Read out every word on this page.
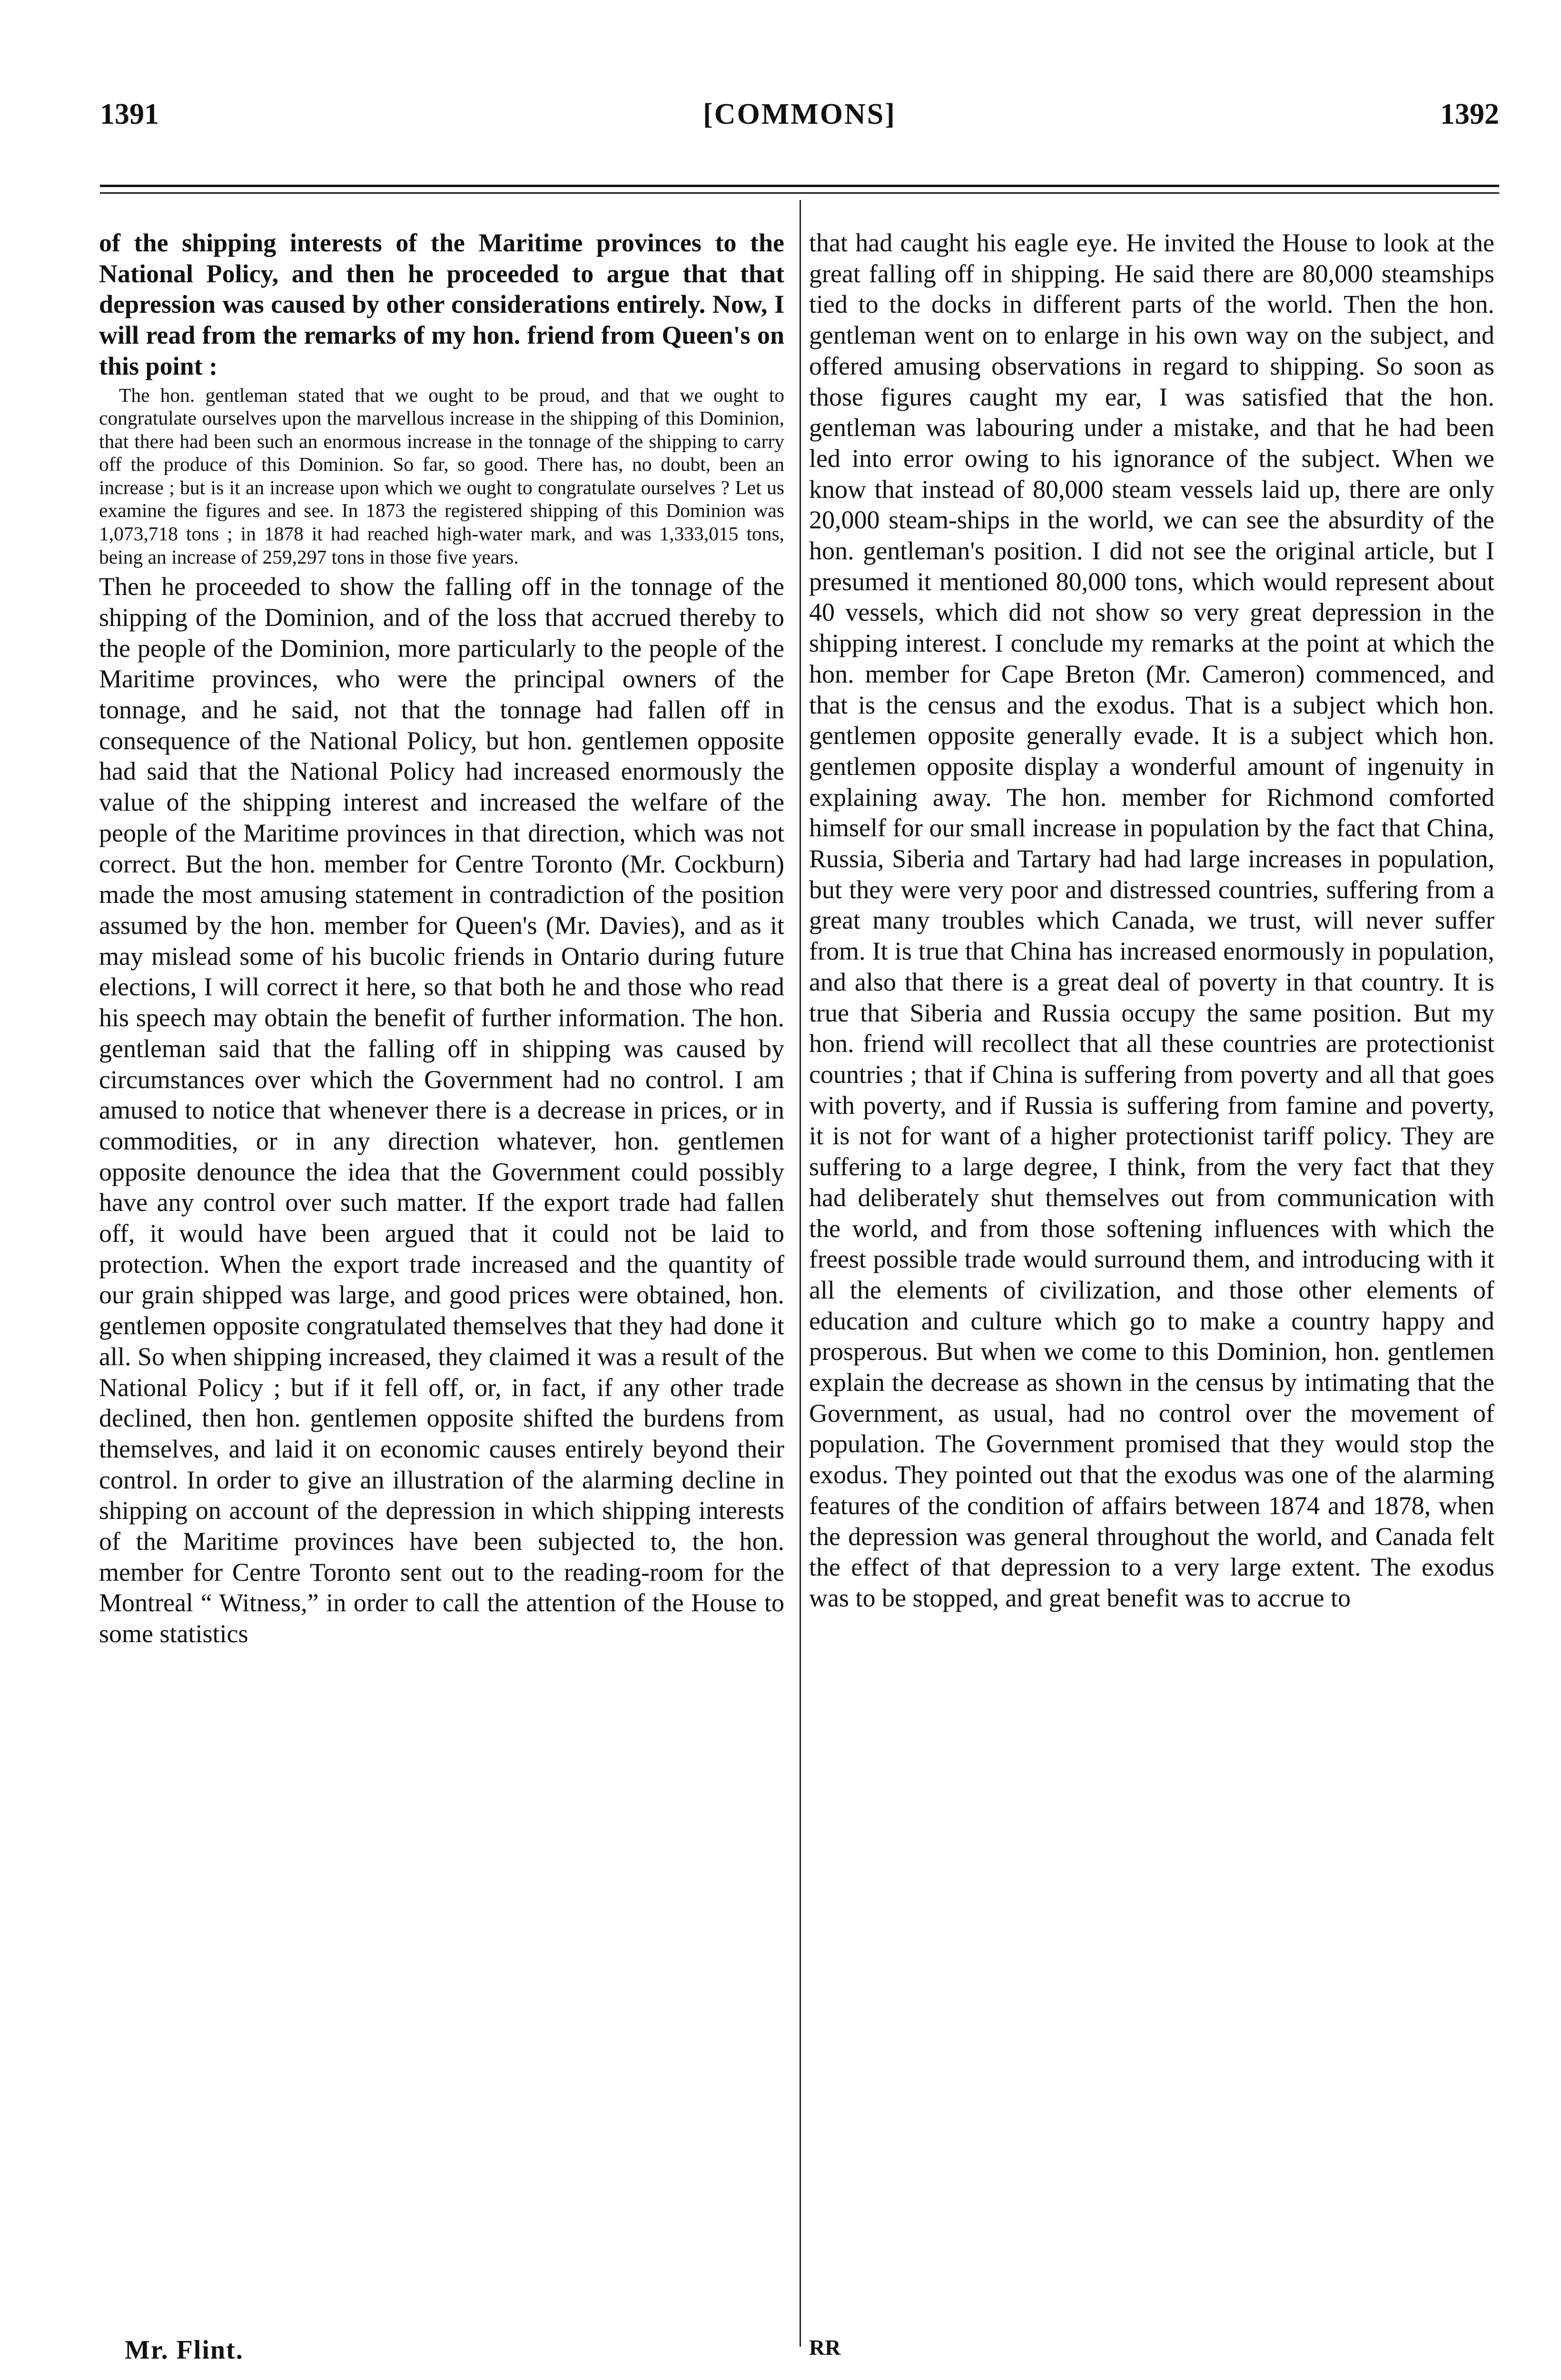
1391	[COMMONS]	1392

of the shipping interests of the Maritime provinces to the National Policy, and then he proceeded to argue that that depression was caused by other considerations entirely. Now, I will read from the remarks of my hon. friend from Queen's on this point :

The hon. gentleman stated that we ought to be proud, and that we ought to congratulate ourselves upon the marvellous increase in the shipping of this Dominion, that there had been such an enormous increase in the tonnage of the shipping to carry off the produce of this Dominion. So far, so good. There has, no doubt, been an increase ; but is it an increase upon which we ought to congratulate ourselves ? Let us examine the figures and see. In 1873 the registered shipping of this Dominion was 1,073,718 tons ; in 1878 it had reached high-water mark, and was 1,333,015 tons, being an increase of 259,297 tons in those five years.

Then he proceeded to show the falling off in the tonnage of the shipping of the Dominion, and of the loss that accrued thereby to the people of the Dominion, more particularly to the people of the Maritime provinces, who were the principal owners of the tonnage, and he said, not that the tonnage had fallen off in consequence of the National Policy, but hon. gentlemen opposite had said that the National Policy had increased enormously the value of the shipping interest and increased the welfare of the people of the Maritime provinces in that direction, which was not correct. But the hon. member for Centre Toronto (Mr. Cockburn) made the most amusing statement in contradiction of the position assumed by the hon. member for Queen's (Mr. Davies), and as it may mislead some of his bucolic friends in Ontario during future elections, I will correct it here, so that both he and those who read his speech may obtain the benefit of further information. The hon. gentleman said that the falling off in shipping was caused by circumstances over which the Government had no control. I am amused to notice that whenever there is a decrease in prices, or in commodities, or in any direction whatever, hon. gentlemen opposite denounce the idea that the Government could possibly have any control over such matter. If the export trade had fallen off, it would have been argued that it could not be laid to protection. When the export trade increased and the quantity of our grain shipped was large, and good prices were obtained, hon. gentlemen opposite congratulated themselves that they had done it all. So when shipping increased, they claimed it was a result of the National Policy ; but if it fell off, or, in fact, if any other trade declined, then hon. gentlemen opposite shifted the burdens from themselves, and laid it on economic causes entirely beyond their control. In order to give an illustration of the alarming decline in shipping on account of the depression in which shipping interests of the Maritime provinces have been subjected to, the hon. member for Centre Toronto sent out to the reading-room for the Montreal “ Witness,” in order to call the attention of the House to some statistics

that had caught his eagle eye. He invited the House to look at the great falling off in shipping. He said there are 80,000 steamships tied to the docks in different parts of the world. Then the hon. gentleman went on to enlarge in his own way on the subject, and offered amusing observations in regard to shipping. So soon as those figures caught my ear, I was satisfied that the hon. gentleman was labouring under a mistake, and that he had been led into error owing to his ignorance of the subject. When we know that instead of 80,000 steam vessels laid up, there are only 20,000 steam-ships in the world, we can see the absurdity of the hon. gentleman's position. I did not see the original article, but I presumed it mentioned 80,000 tons, which would represent about 40 vessels, which did not show so very great depression in the shipping interest. I conclude my remarks at the point at which the hon. member for Cape Breton (Mr. Cameron) commenced, and that is the census and the exodus. That is a subject which hon. gentlemen opposite generally evade. It is a subject which hon. gentlemen opposite display a wonderful amount of ingenuity in explaining away. The hon. member for Richmond comforted himself for our small increase in population by the fact that China, Russia, Siberia and Tartary had had large increases in population, but they were very poor and distressed countries, suffering from a great many troubles which Canada, we trust, will never suffer from. It is true that China has increased enormously in population, and also that there is a great deal of poverty in that country. It is true that Siberia and Russia occupy the same position. But my hon. friend will recollect that all these countries are protectionist countries ; that if China is suffering from poverty and all that goes with poverty, and if Russia is suffering from famine and poverty, it is not for want of a higher protectionist tariff policy. They are suffering to a large degree, I think, from the very fact that they had deliberately shut themselves out from communication with the world, and from those softening influences with which the freest possible trade would surround them, and introducing with it all the elements of civilization, and those other elements of education and culture which go to make a country happy and prosperous. But when we come to this Dominion, hon. gentlemen explain the decrease as shown in the census by intimating that the Government, as usual, had no control over the movement of population. The Government promised that they would stop the exodus. They pointed out that the exodus was one of the alarming features of the condition of affairs between 1874 and 1878, when the depression was general throughout the world, and Canada felt the effect of that depression to a very large extent. The exodus was to be stopped, and great benefit was to accrue to

Mr. Flint.	RR
